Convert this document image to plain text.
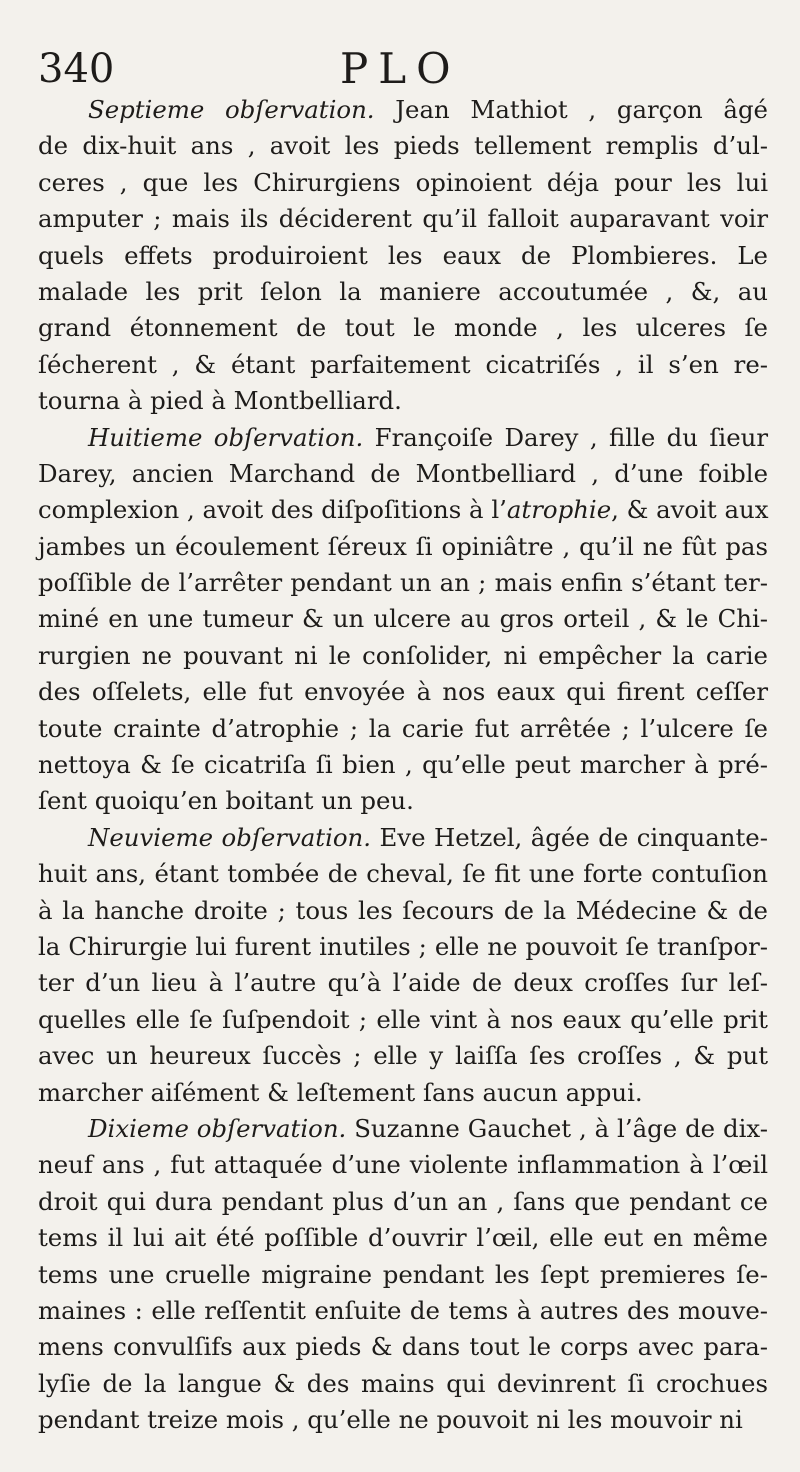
340	PLO
Septieme obſervation. Jean Mathiot , garçon âgé
de dix-huit ans , avoit les pieds tellement remplis d’ul-
ceres , que les Chirurgiens opinoient déja pour les lui
amputer ; mais ils déciderent qu’il falloit auparavant voir
quels effets produiroient les eaux de Plombieres. Le
malade les prit ſelon la maniere accoutumée , &, au
grand étonnement de tout le monde , les ulceres ſe
ſécherent , & étant parfaitement cicatriſés , il s’en re-
tourna à pied à Montbelliard.
Huitieme obſervation. Françoiſe Darey , fille du ſieur
Darey, ancien Marchand de Montbelliard , d’une foible
complexion , avoit des diſpoſitions à l’atrophie, & avoit aux
jambes un écoulement ſéreux ſi opiniâtre , qu’il ne fût pas
poſſible de l’arrêter pendant un an ; mais enfin s’étant ter-
miné en une tumeur & un ulcere au gros orteil , & le Chi-
rurgien ne pouvant ni le conſolider, ni empêcher la carie
des oſſelets, elle fut envoyée à nos eaux qui firent ceſſer
toute crainte d’atrophie ; la carie fut arrêtée ; l’ulcere ſe
nettoya & ſe cicatriſa ſi bien , qu’elle peut marcher à pré-
ſent quoiqu’en boitant un peu.
Neuvieme obſervation. Eve Hetzel, âgée de cinquante-
huit ans, étant tombée de cheval, ſe fit une forte contuſion
à la hanche droite ; tous les ſecours de la Médecine & de
la Chirurgie lui furent inutiles ; elle ne pouvoit ſe tranſpor-
ter d’un lieu à l’autre qu’à l’aide de deux croſſes ſur leſ-
quelles elle ſe ſuſpendoit ; elle vint à nos eaux qu’elle prit
avec un heureux ſuccès ; elle y laiſſa ſes croſſes , & put
marcher aiſément & leſtement ſans aucun appui.
Dixieme obſervation. Suzanne Gauchet , à l’âge de dix-
neuf ans , fut attaquée d’une violente inflammation à l’œil
droit qui dura pendant plus d’un an , ſans que pendant ce
tems il lui ait été poſſible d’ouvrir l’œil, elle eut en même
tems une cruelle migraine pendant les ſept premieres ſe-
maines : elle reſſentit enſuite de tems à autres des mouve-
mens convulſifs aux pieds & dans tout le corps avec para-
lyſie de la langue & des mains qui devinrent ſi crochues
pendant treize mois , qu’elle ne pouvoit ni les mouvoir ni
